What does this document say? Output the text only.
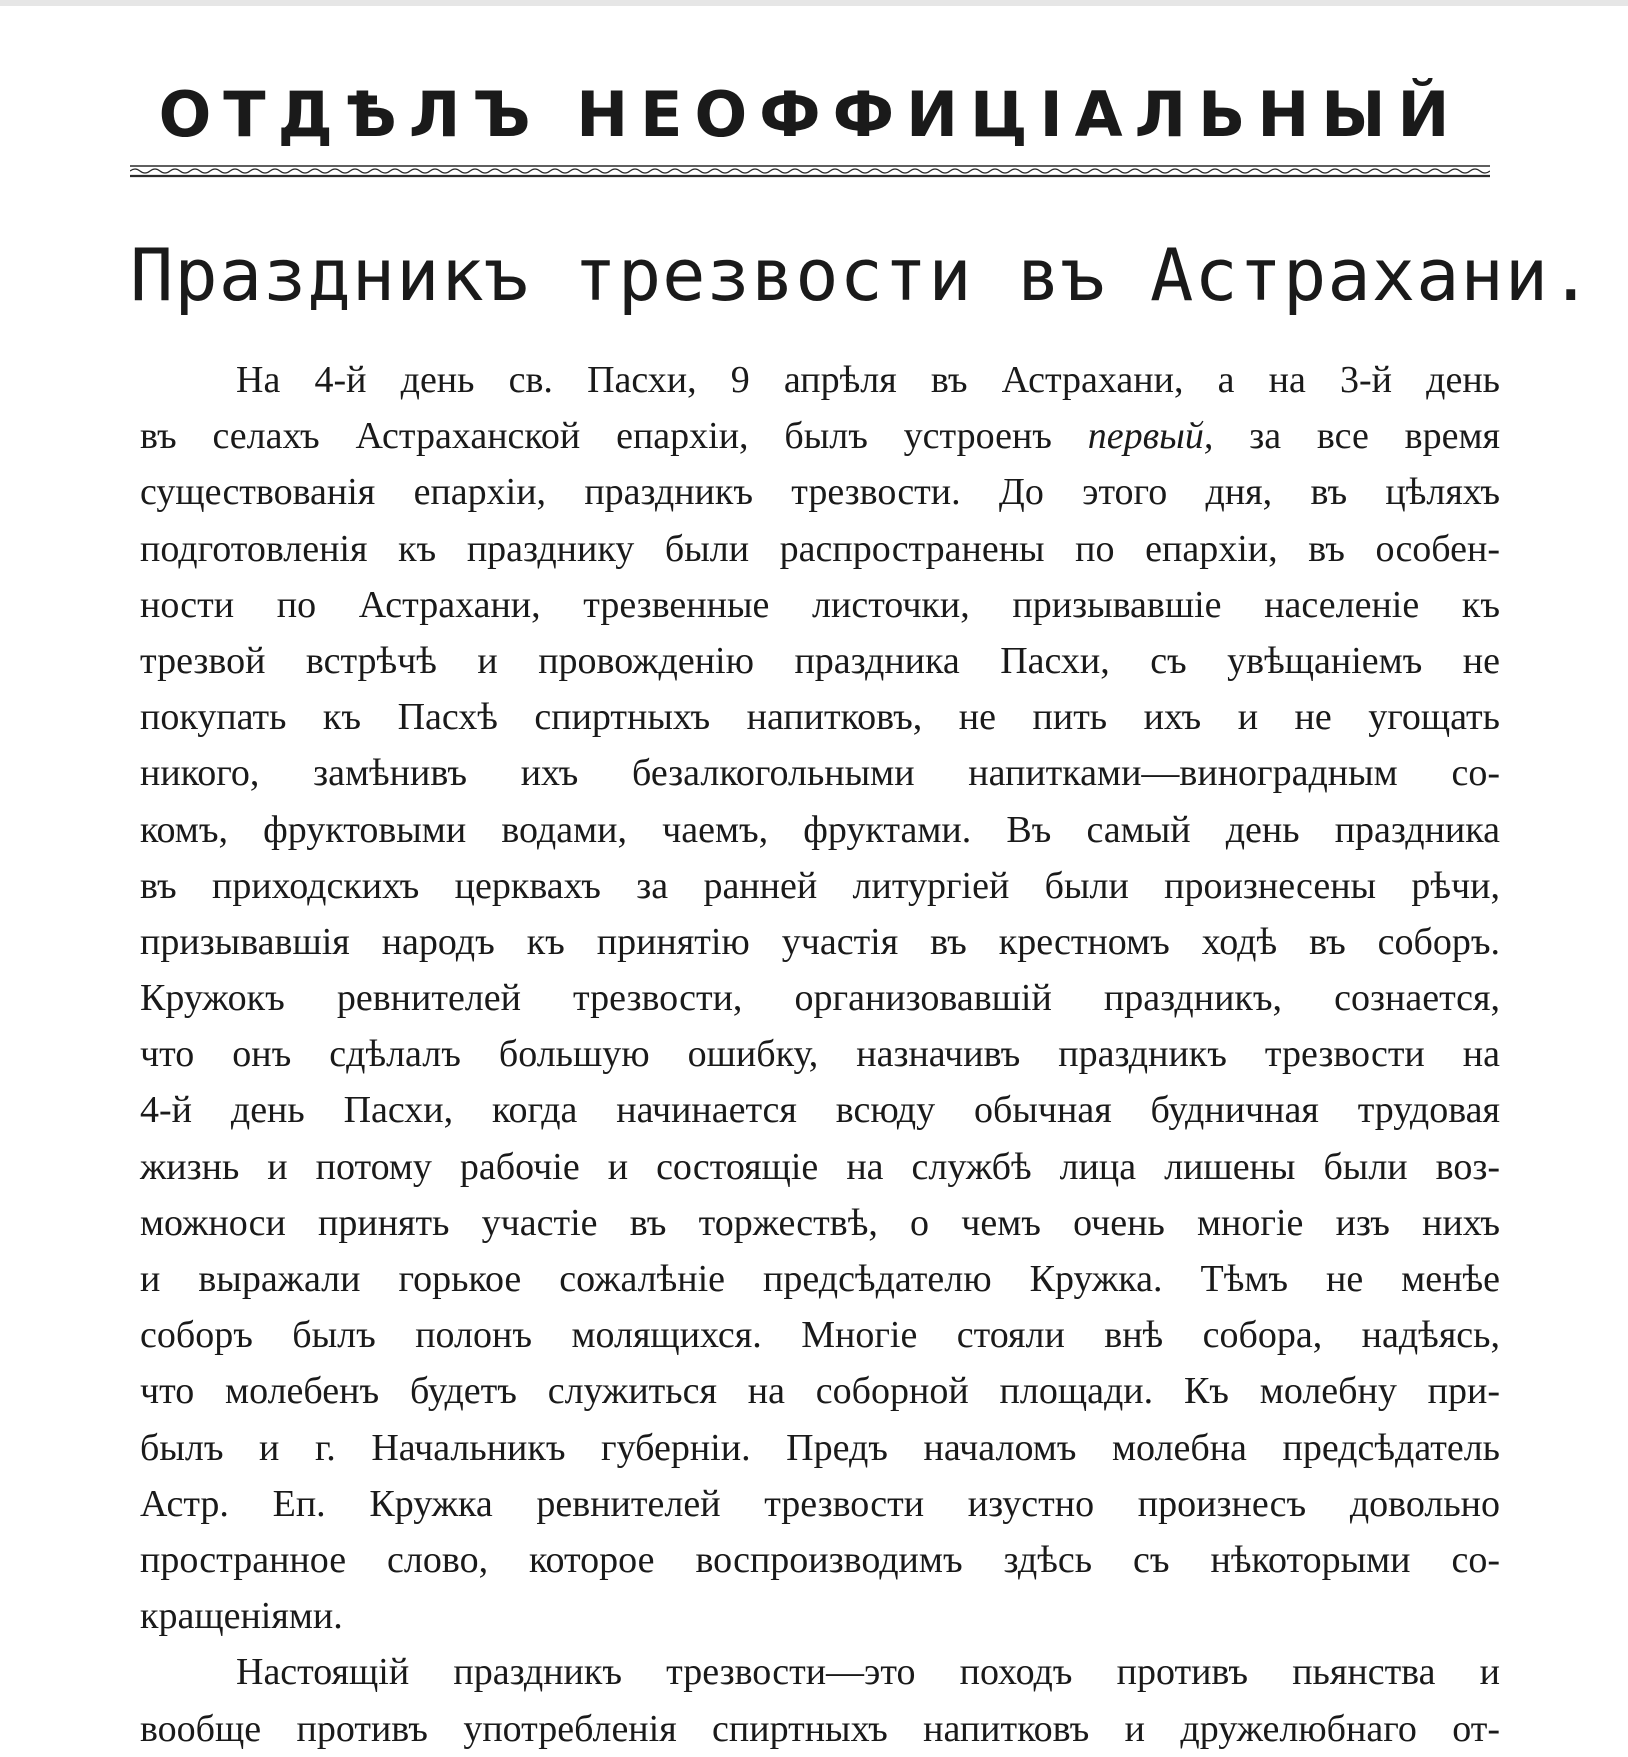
ОТДѢЛЪ НЕОФФИЦІАЛЬНЫЙ
Праздникъ трезвости въ Астрахани.
На 4-й день св. Пасхи, 9 апрѣля въ Астрахани, а на 3-й день
въ селахъ Астраханской епархіи, былъ устроенъ первый, за все время
существованія епархіи, праздникъ трезвости. До этого дня, въ цѣляхъ
подготовленія къ празднику были распространены по епархіи, въ особен-
ности по Астрахани, трезвенные листочки, призывавшіе населеніе къ
трезвой встрѣчѣ и провожденію праздника Пасхи, съ увѣщаніемъ не
покупать къ Пасхѣ спиртныхъ напитковъ, не пить ихъ и не угощать
никого, замѣнивъ ихъ безалкогольными напитками—виноградным со-
комъ, фруктовыми водами, чаемъ, фруктами. Въ самый день праздника
въ приходскихъ церквахъ за ранней литургіей были произнесены рѣчи,
призывавшія народъ къ принятію участія въ крестномъ ходѣ въ соборъ.
Кружокъ ревнителей трезвости, организовавшій праздникъ, сознается,
что онъ сдѣлалъ большую ошибку, назначивъ праздникъ трезвости на
4-й день Пасхи, когда начинается всюду обычная будничная трудовая
жизнь и потому рабочіе и состоящіе на службѣ лица лишены были воз-
можноси принять участіе въ торжествѣ, о чемъ очень многіе изъ нихъ
и выражали горькое сожалѣніе предсѣдателю Кружка. Тѣмъ не менѣе
соборъ былъ полонъ молящихся. Многіе стояли внѣ собора, надѣясь,
что молебенъ будетъ служиться на соборной площади. Къ молебну при-
былъ и г. Начальникъ губерніи. Предъ началомъ молебна предсѣдатель
Астр. Еп. Кружка ревнителей трезвости изустно произнесъ довольно
пространное слово, которое воспроизводимъ здѣсь съ нѣкоторыми со-
кращеніями.
Настоящій праздникъ трезвости—это походъ противъ пьянства и
вообще противъ употребленія спиртныхъ напитковъ и дружелюбнаго от-
